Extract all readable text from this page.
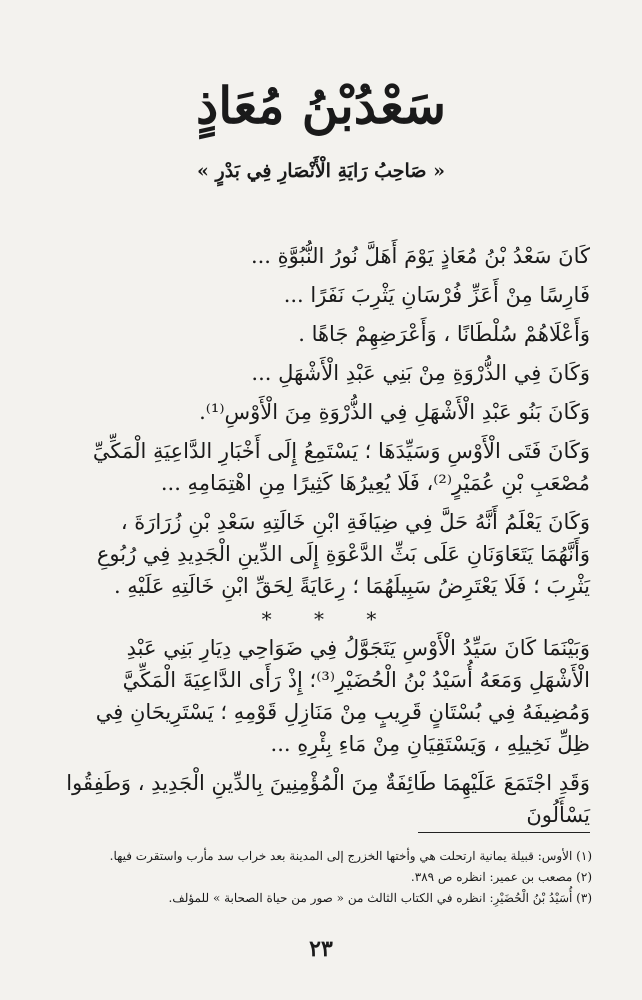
سَعْدُبْنُ مُعَاذٍ
« صَاحِبُ رَايَةِ الْأَنْصَارِ فِي بَدْرٍ »

كَانَ سَعْدُ بْنُ مُعَاذٍ يَوْمَ أَهَلَّ نُورُ النُّبُوَّةِ ...

فَارِسًا مِنْ أَعَزِّ فُرْسَانِ يَثْرِبَ نَفَرًا ...

وَأَعْلَاهُمْ سُلْطَانًا ، وَأَعْرَضِهِمْ جَاهًا .

وَكَانَ فِي الذُّرْوَةِ مِنْ بَنِي عَبْدِ الْأَشْهَلِ ...

وَكَانَ بَنُو عَبْدِ الْأَشْهَلِ فِي الذُّرْوَةِ مِنَ الْأَوْسِ⁽¹⁾.

وَكَانَ فَتَى الْأَوْسِ وَسَيِّدَهَا ؛ يَسْتَمِعُ إِلَى أَخْبَارِ الدَّاعِيَةِ الْمَكِّيِّ مُصْعَبِ بْنِ عُمَيْرٍ⁽²⁾، فَلَا يُعِيرُهَا كَثِيرًا مِنِ اهْتِمَامِهِ ...

وَكَانَ يَعْلَمُ أَنَّهُ حَلَّ فِي ضِيَافَةِ ابْنِ خَالَتِهِ سَعْدِ بْنِ زُرَارَةَ ، وَأَنَّهُمَا يَتَعَاوَنَانِ عَلَى بَثِّ الدَّعْوَةِ إِلَى الدِّينِ الْجَدِيدِ فِي رُبُوعِ يَثْرِبَ ؛ فَلَا يَعْتَرِضُ سَبِيلَهُمَا ؛ رِعَايَةً لِحَقِّ ابْنِ خَالَتِهِ عَلَيْهِ .

* * *

وَبَيْنَمَا كَانَ سَيِّدُ الْأَوْسِ يَتَجَوَّلُ فِي ضَوَاحِي دِيَارِ بَنِي عَبْدِ الْأَشْهَلِ وَمَعَهُ أُسَيْدُ بْنُ الْحُضَيْرِ⁽³⁾؛ إِذْ رَأَى الدَّاعِيَةَ الْمَكِّيَّ وَمُضِيفَهُ فِي بُسْتَانٍ قَرِيبٍ مِنْ مَنَازِلِ قَوْمِهِ ؛ يَسْتَرِيحَانِ فِي ظِلِّ نَخِيلِهِ ، وَيَسْتَقِيَانِ مِنْ مَاءِ بِئْرِهِ ...

وَقَدِ اجْتَمَعَ عَلَيْهِمَا طَائِفَةٌ مِنَ الْمُؤْمِنِينَ بِالدِّينِ الْجَدِيدِ ، وَطَفِقُوا يَسْأَلُونَ

(١) الأوس: قبيلة يمانية ارتحلت هي وأختها الخزرج إلى المدينة بعد خراب سد مأرب واستقرت فيها.

(٢) مصعب بن عمير: انظره ص ٣٨٩.

(٣) أُسَيْدُ بْنُ الْحُضَيْرِ: انظره في الكتاب الثالث من « صور من حياة الصحابة » للمؤلف.

٢٣
